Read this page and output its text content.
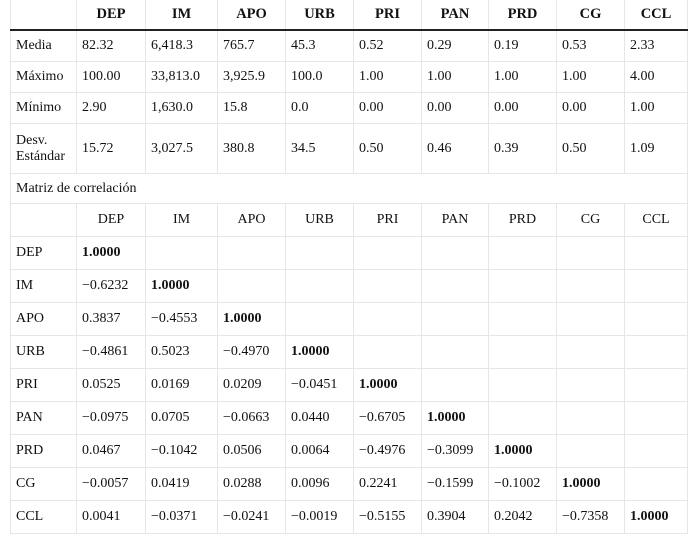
	DEP	IM	APO	URB	PRI	PAN	PRD	CG	CCL
Media	82.32	6,418.3	765.7	45.3	0.52	0.29	0.19	0.53	2.33
Máximo	100.00	33,813.0	3,925.9	100.0	1.00	1.00	1.00	1.00	4.00
Mínimo	2.90	1,630.0	15.8	0.0	0.00	0.00	0.00	0.00	1.00
Desv. Estándar	15.72	3,027.5	380.8	34.5	0.50	0.46	0.39	0.50	1.09
Matriz de correlación									
	DEP	IM	APO	URB	PRI	PAN	PRD	CG	CCL
DEP	1.0000								
IM	−0.6232	1.0000							
APO	0.3837	−0.4553	1.0000						
URB	−0.4861	0.5023	−0.4970	1.0000					
PRI	0.0525	0.0169	0.0209	−0.0451	1.0000				
PAN	−0.0975	0.0705	−0.0663	0.0440	−0.6705	1.0000			
PRD	0.0467	−0.1042	0.0506	0.0064	−0.4976	−0.3099	1.0000		
CG	−0.0057	0.0419	0.0288	0.0096	0.2241	−0.1599	−0.1002	1.0000	
CCL	0.0041	−0.0371	−0.0241	−0.0019	−0.5155	0.3904	0.2042	−0.7358	1.0000
